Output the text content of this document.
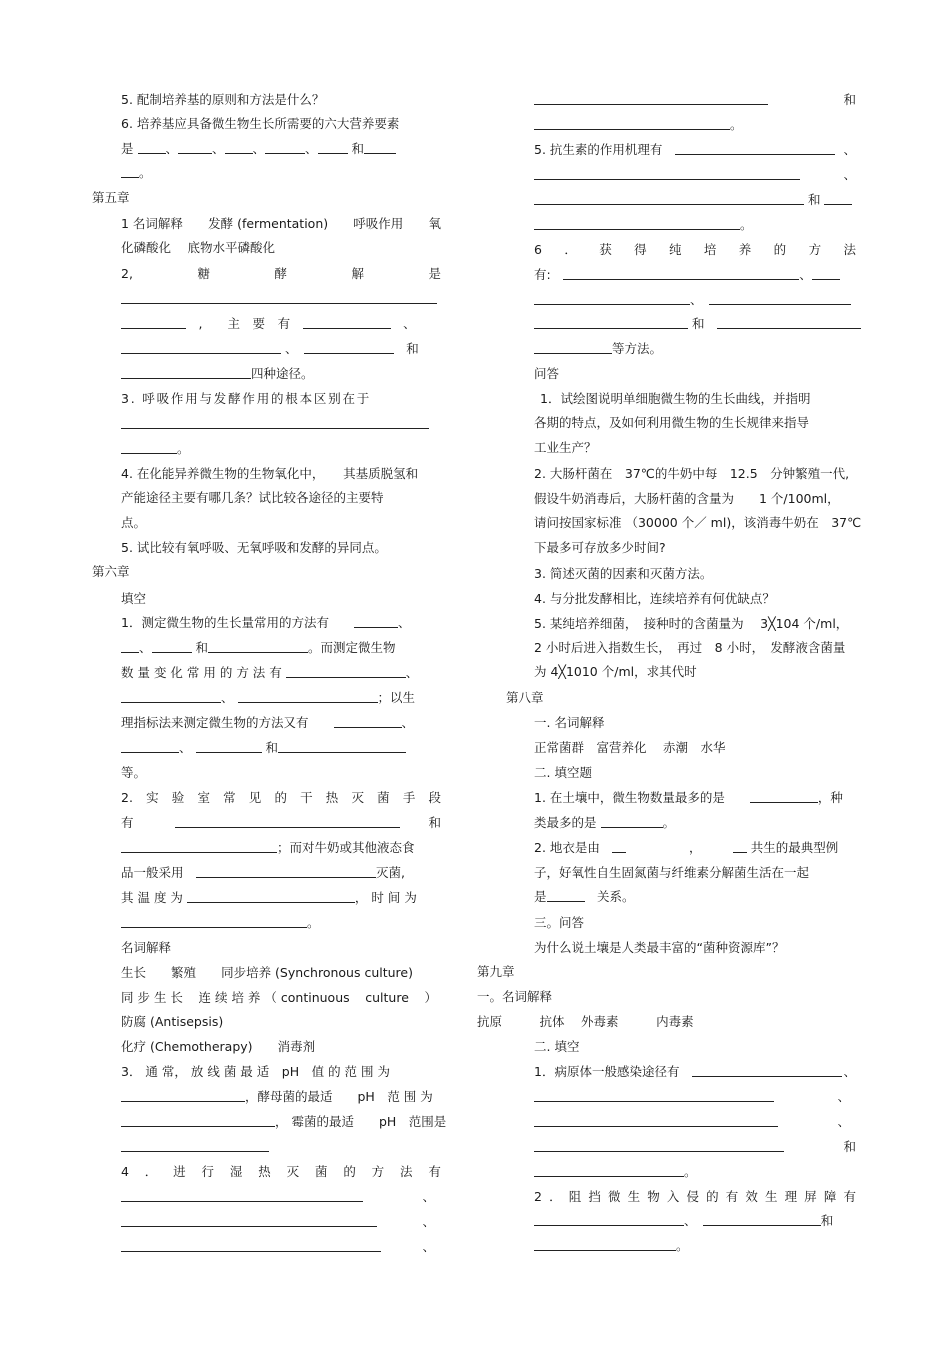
5. 配制培养基的原则和方法是什么？
6. 培养基应具备微生物生长所需要的六大营养要素
是	、	、 、	、	和
。
第五章
1 名词解释 发酵 (fermentation) 呼吸作用 氧
化磷酸化　 底物水平磷酸化
2,	糖	酵	解	是
　,　　 主　 要　 有　　	、
、　　	和
四种途径。
3. 呼吸作用与发酵作用的根本区别在于
。
4. 在化能异养微生物的生物氧化中，　　其基质脱氢和
产能途径主要有哪几条？试比较各途径的主要特
点。
5. 试比较有氧呼吸、无氧呼吸和发酵的异同点。
第六章
填空
1．测定微生物的生长量常用的方法有　　	、
、	和	。而测定微生物
数 量 变 化 常 用 的 方 法 有	、
、	；以生
理指标法来测定微生物的方法又有　　	、
、	和
等。
2. 实 验 室 常 见 的 干 热 灭 菌 手 段
有　　　	和
；而对牛奶或其他液态食
品一般采用　	灭菌,
其 温 度 为	， 时 间 为
。
名词解释
生长　　 繁殖　　 同步培养 (Synchronous culture)
同 步 生 长 连 续 培 养 （ continuous culture ）
防腐 (Antisepsis)
化疗 (Chemotherapy)　　 消毒剂
3． 通 常， 放 线 菌 最 适　pH　值 的 范 围 为
，酵母菌的最适　　pH　范 围 为
， 霉菌的最适　　pH　范围是
4 ． 进 行 湿 热 灭 菌 的 方 法 有
、
、
、
和
。
5. 抗生素的作用机理有　	、
、
和
。
6 ． 获 得 纯 培 养 的 方 法
有:　	、
、　
和　
等方法。
问答
1．试绘图说明单细胞微生物的生长曲线，并指明
各期的特点，及如何利用微生物的生长规律来指导
工业生产？
2. 大肠杆菌在　37℃的牛奶中每　12.5　分钟繁殖一代,
假设牛奶消毒后，大肠杆菌的含量为　　1 个/100ml，
请问按国家标准 （30000 个／ ml)，该消毒牛奶在　37℃
下最多可存放多少时间?
3. 简述灭菌的因素和灭菌方法。
4. 与分批发酵相比，连续培养有何优缺点？
5. 某纯培养细菌，　接种时的含菌量为　 3╳104 个/ml，
2 小时后进入指数生长，　再过　8 小时，　发酵液含菌量
为 4╳1010 个/ml，求其代时
第八章
一. 名词解释
正常菌群　富营养化　 赤潮　水华
二. 填空题
1. 在土壤中，微生物数量最多的是　　	，种
类最多的是	。
2. 地衣是由　　　　　　	，　　　	共生的最典型例
子，好氧性自生固氮菌与纤维素分解菌生活在一起
是　	关系。
三。问答
为什么说土壤是人类最丰富的“菌种资源库”？
第九章
一。名词解释
抗原　　　	抗体　 外毒素　　　	内毒素
二. 填空
1．病原体一般感染途径有　	、
、
、
和
。
2 ． 阻 挡 微 生 物 入 侵 的 有 效 生 理 屏 障 有
、　	和
。
